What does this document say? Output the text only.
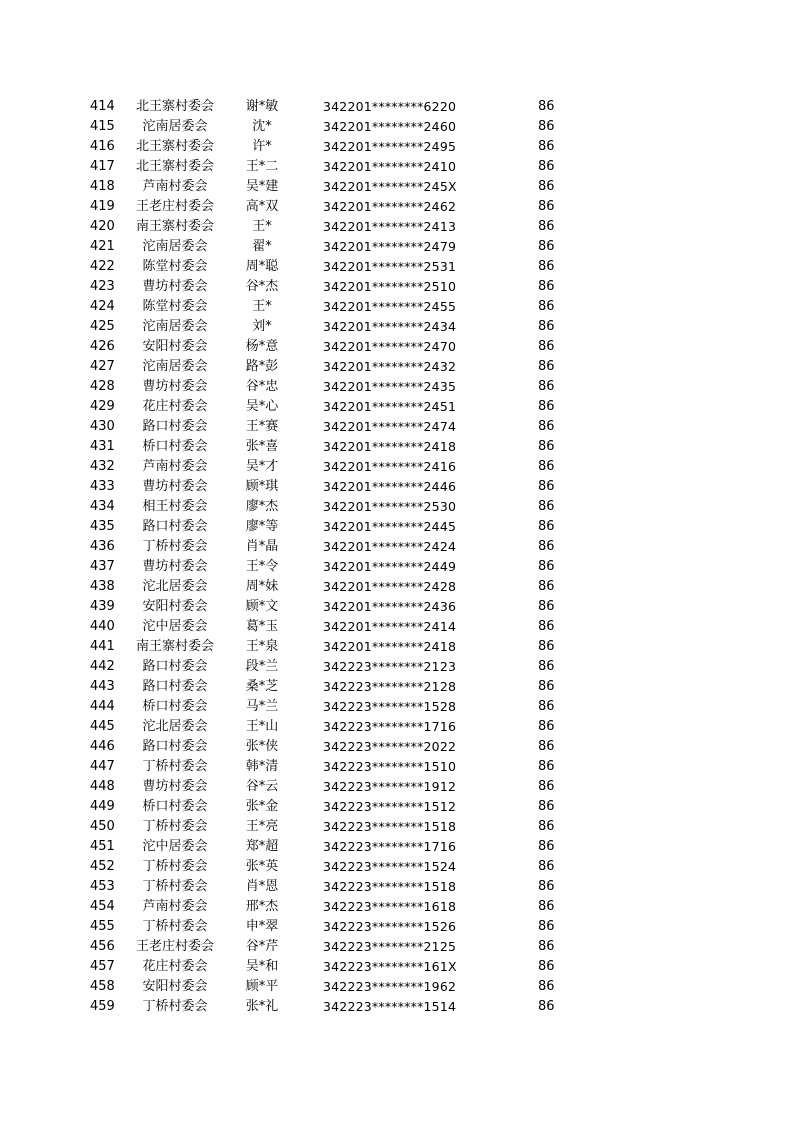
414	北王寨村委会	谢*敏	342201********6220	86
415	沱南居委会	沈*	342201********2460	86
416	北王寨村委会	许*	342201********2495	86
417	北王寨村委会	王*二	342201********2410	86
418	芦南村委会	吴*建	342201********245X	86
419	王老庄村委会	高*双	342201********2462	86
420	南王寨村委会	王*	342201********2413	86
421	沱南居委会	翟*	342201********2479	86
422	陈堂村委会	周*聪	342201********2531	86
423	曹坊村委会	谷*杰	342201********2510	86
424	陈堂村委会	王*	342201********2455	86
425	沱南居委会	刘*	342201********2434	86
426	安阳村委会	杨*意	342201********2470	86
427	沱南居委会	路*彭	342201********2432	86
428	曹坊村委会	谷*忠	342201********2435	86
429	花庄村委会	吴*心	342201********2451	86
430	路口村委会	王*赛	342201********2474	86
431	桥口村委会	张*喜	342201********2418	86
432	芦南村委会	吴*才	342201********2416	86
433	曹坊村委会	顾*琪	342201********2446	86
434	相王村委会	廖*杰	342201********2530	86
435	路口村委会	廖*等	342201********2445	86
436	丁桥村委会	肖*晶	342201********2424	86
437	曹坊村委会	王*令	342201********2449	86
438	沱北居委会	周*妹	342201********2428	86
439	安阳村委会	顾*文	342201********2436	86
440	沱中居委会	葛*玉	342201********2414	86
441	南王寨村委会	王*泉	342201********2418	86
442	路口村委会	段*兰	342223********2123	86
443	路口村委会	桑*芝	342223********2128	86
444	桥口村委会	马*兰	342223********1528	86
445	沱北居委会	王*山	342223********1716	86
446	路口村委会	张*侠	342223********2022	86
447	丁桥村委会	韩*清	342223********1510	86
448	曹坊村委会	谷*云	342223********1912	86
449	桥口村委会	张*金	342223********1512	86
450	丁桥村委会	王*亮	342223********1518	86
451	沱中居委会	郑*超	342223********1716	86
452	丁桥村委会	张*英	342223********1524	86
453	丁桥村委会	肖*恩	342223********1518	86
454	芦南村委会	邢*杰	342223********1618	86
455	丁桥村委会	申*翠	342223********1526	86
456	王老庄村委会	谷*芹	342223********2125	86
457	花庄村委会	吴*和	342223********161X	86
458	安阳村委会	顾*平	342223********1962	86
459	丁桥村委会	张*礼	342223********1514	86
